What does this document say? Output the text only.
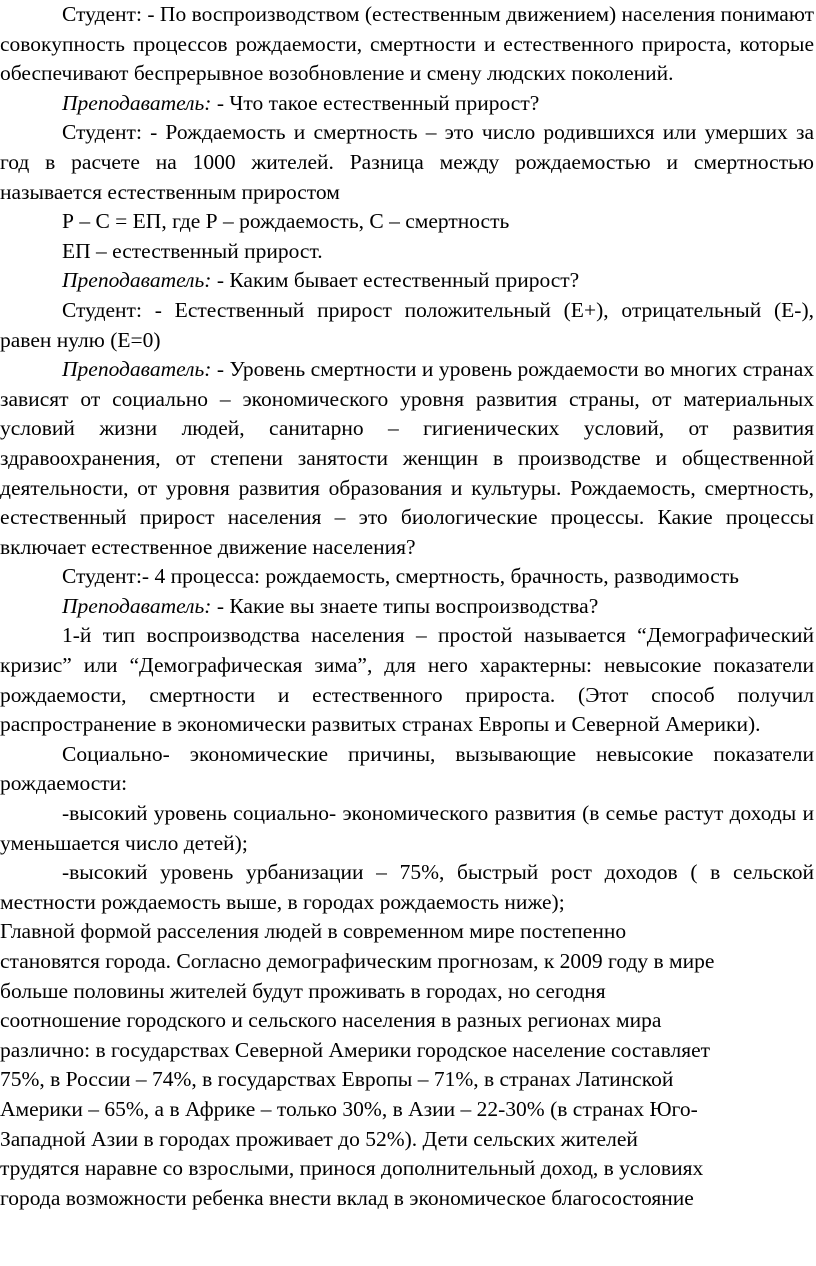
Студент: - По воспроизводством (естественным движением) населения понимают совокупность процессов рождаемости, смертности и естественного прироста, которые обеспечивают беспрерывное возобновление и смену людских поколений.

Преподаватель: - Что такое естественный прирост?

Студент: - Рождаемость и смертность – это число родившихся или умерших за год в расчете на 1000 жителей. Разница между рождаемостью и смертностью называется естественным приростом

Р – С = ЕП, где Р – рождаемость, С – смертность

ЕП – естественный прирост.

Преподаватель: - Каким бывает естественный прирост?

Студент: - Естественный прирост положительный (Е+), отрицательный (Е-), равен нулю (Е=0)

Преподаватель: - Уровень смертности и уровень рождаемости во многих странах зависят от социально – экономического уровня развития страны, от материальных условий жизни людей, санитарно – гигиенических условий, от развития здравоохранения, от степени занятости женщин в производстве и общественной деятельности, от уровня развития образования и культуры. Рождаемость, смертность, естественный прирост населения – это биологические процессы. Какие процессы включает естественное движение населения?

Студент:- 4 процесса: рождаемость, смертность, брачность, разводимость

Преподаватель: - Какие вы знаете типы воспроизводства?

1-й тип воспроизводства населения – простой называется “Демографический кризис” или “Демографическая зима”, для него характерны: невысокие показатели рождаемости, смертности и естественного прироста. (Этот способ получил распространение в экономически развитых странах Европы и Северной Америки).

Социально- экономические причины, вызывающие невысокие показатели рождаемости:

-высокий уровень социально- экономического развития (в семье растут доходы и уменьшается число детей);

-высокий уровень урбанизации – 75%, быстрый рост доходов ( в сельской местности рождаемость выше, в городах рождаемость ниже);

Главной формой расселения людей в современном мире постепенно

становятся города. Согласно демографическим прогнозам, к 2009 году в мире

больше половины жителей будут проживать в городах, но сегодня

соотношение городского и сельского населения в разных регионах мира

различно: в государствах Северной Америки городское население составляет

75%, в России – 74%, в государствах Европы – 71%, в странах Латинской

Америки – 65%, а в Африке – только 30%, в Азии – 22-30% (в странах Юго-

Западной Азии в городах проживает до 52%). Дети сельских жителей

трудятся наравне со взрослыми, принося дополнительный доход, в условиях

города возможности ребенка внести вклад в экономическое благосостояние
